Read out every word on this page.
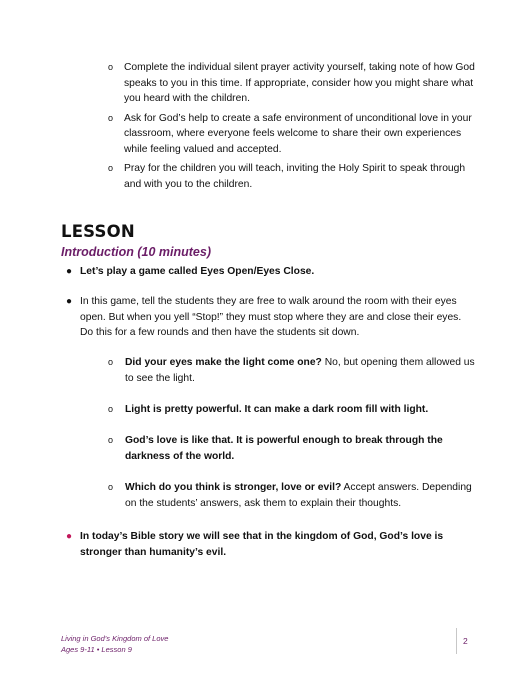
o Complete the individual silent prayer activity yourself, taking note of how God speaks to you in this time. If appropriate, consider how you might share what you heard with the children.
o Ask for God’s help to create a safe environment of unconditional love in your classroom, where everyone feels welcome to share their own experiences while feeling valued and accepted.
o Pray for the children you will teach, inviting the Holy Spirit to speak through and with you to the children.
LESSON
Introduction (10 minutes)
● Let’s play a game called Eyes Open/Eyes Close.
● In this game, tell the students they are free to walk around the room with their eyes open. But when you yell “Stop!” they must stop where they are and close their eyes. Do this for a few rounds and then have the students sit down.
o	Did your eyes make the light come one? No, but opening them allowed us to see the light.
o	Light is pretty powerful. It can make a dark room fill with light.
o	God’s love is like that. It is powerful enough to break through the darkness of the world.
o	Which do you think is stronger, love or evil? Accept answers. Depending on the students’ answers, ask them to explain their thoughts.
● In today’s Bible story we will see that in the kingdom of God, God’s love is stronger than humanity’s evil.
Living in God’s Kingdom of Love
Ages 9-11 • Lesson 9
2
